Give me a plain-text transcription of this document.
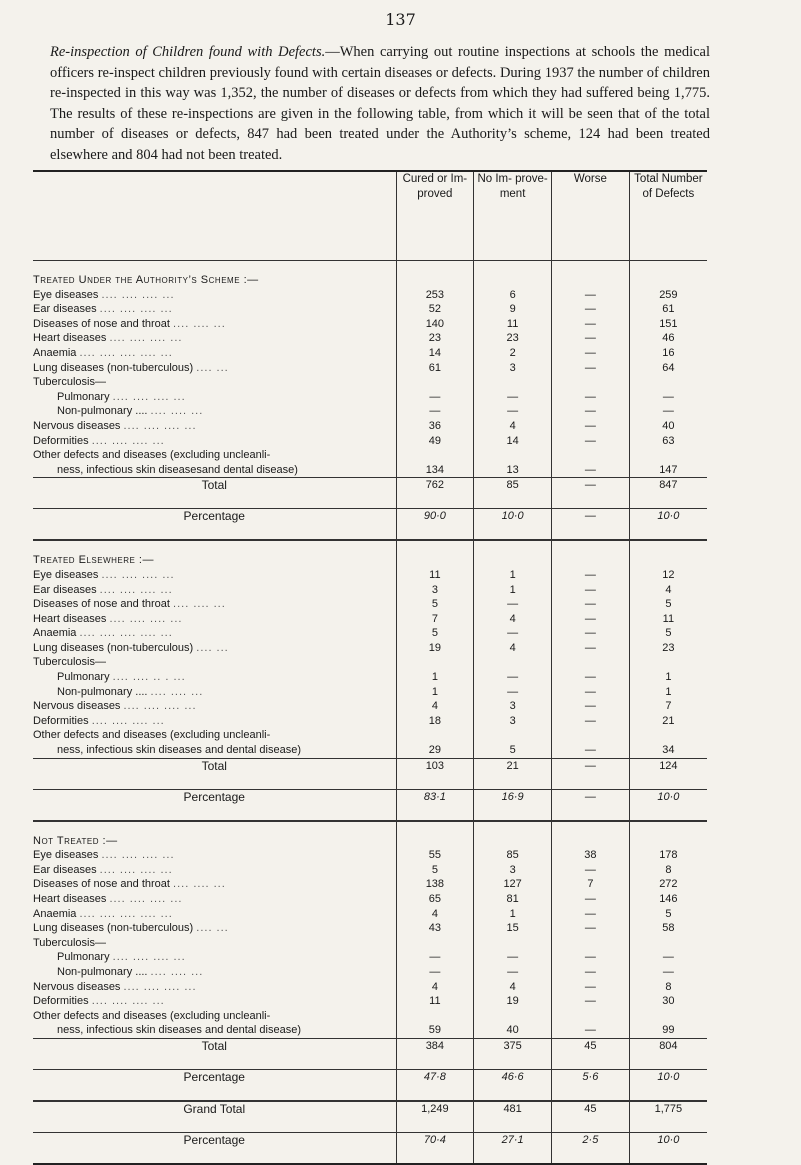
137
Re-inspection of Children found with Defects.—When carrying out routine inspections at schools the medical officers re-inspect children previously found with certain diseases or defects. During 1937 the number of children re-inspected in this way was 1,352, the number of diseases or defects from which they had suffered being 1,775. The results of these re-inspections are given in the following table, from which it will be seen that of the total number of diseases or defects, 847 had been treated under the Authority’s scheme, 124 had been treated elsewhere and 804 had not been treated.
	Cured or Im- proved	No Im- prove- ment	Worse	Total Number of Defects
Treated Under the Authority’s Scheme :—				
Eye diseases .... .... .... ...	253	6	—	259
Ear diseases .... .... .... ...	52	9	—	61
Diseases of nose and throat .... .... ...	140	11	—	151
Heart diseases .... .... .... ...	23	23	—	46
Anaemia .... .... .... .... ...	14	2	—	16
Lung diseases (non-tuberculous) .... ...	61	3	—	64
Tuberculosis—				
Pulmonary .... .... .... ...	—	—	—	—
Non-pulmonary .... .... .... ...	—	—	—	—
Nervous diseases .... .... .... ...	36	4	—	40
Deformities .... .... .... ...	49	14	—	63
Other defects and diseases (excluding uncleanli-				
ness, infectious skin diseasesand dental disease)	134	13	—	147
Total	762	85	—	847
Percentage	90·0	10·0	—	10·0
Treated Elsewhere :—				
Eye diseases .... .... .... ...	11	1	—	12
Ear diseases .... .... .... ...	3	1	—	4
Diseases of nose and throat .... .... ...	5	—	—	5
Heart diseases .... .... .... ...	7	4	—	11
Anaemia .... .... .... .... ...	5	—	—	5
Lung diseases (non-tuberculous) .... ...	19	4	—	23
Tuberculosis—				
Pulmonary .... .... .. . ...	1	—	—	1
Non-pulmonary .... .... .... ...	1	—	—	1
Nervous diseases .... .... .... ...	4	3	—	7
Deformities .... .... .... ...	18	3	—	21
Other defects and diseases (excluding uncleanli-				
ness, infectious skin diseases and dental disease)	29	5	—	34
Total	103	21	—	124
Percentage	83·1	16·9	—	10·0
Not Treated :—				
Eye diseases .... .... .... ...	55	85	38	178
Ear diseases .... .... .... ...	5	3	—	8
Diseases of nose and throat .... .... ...	138	127	7	272
Heart diseases .... .... .... ...	65	81	—	146
Anaemia .... .... .... .... ...	4	1	—	5
Lung diseases (non-tuberculous) .... ...	43	15	—	58
Tuberculosis—				
Pulmonary .... .... .... ...	—	—	—	—
Non-pulmonary .... .... .... ...	—	—	—	—
Nervous diseases .... .... .... ...	4	4	—	8
Deformities .... .... .... ...	11	19	—	30
Other defects and diseases (excluding uncleanli-				
ness, infectious skin diseases and dental disease)	59	40	—	99
Total	384	375	45	804
Percentage	47·8	46·6	5·6	10·0
Grand Total	1,249	481	45	1,775
Percentage	70·4	27·1	2·5	10·0
